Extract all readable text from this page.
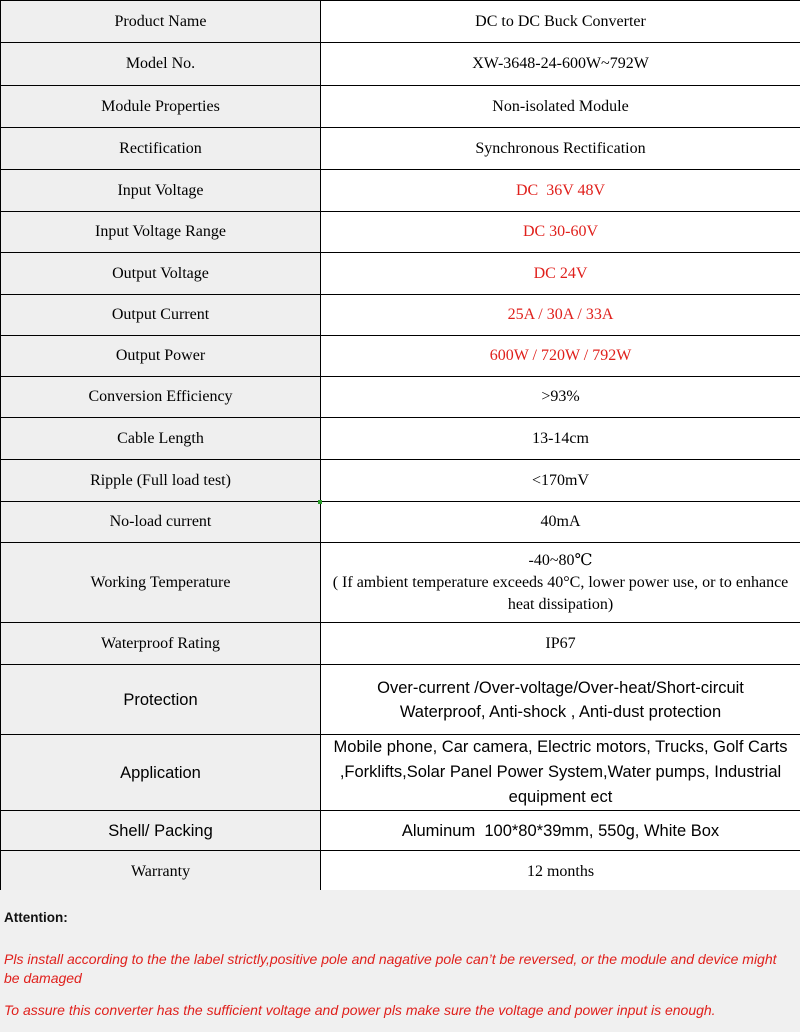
Product Name	DC to DC Buck Converter
Model No.	XW-3648-24-600W~792W
Module Properties	Non-isolated Module
Rectification	Synchronous Rectification
Input Voltage	DC  36V 48V
Input Voltage Range	DC 30-60V
Output Voltage	DC 24V
Output Current	25A / 30A / 33A
Output Power	600W / 720W / 792W
Conversion Efficiency	>93%
Cable Length	13-14cm
Ripple (Full load test)	<170mV
No-load current	40mA
Working Temperature	-40~80℃
( If ambient temperature exceeds 40°C, lower power use, or to enhance heat dissipation)

Waterproof Rating	IP67
Protection	Over-current /Over-voltage/Over-heat/Short-circuit
Waterproof, Anti-shock , Anti-dust protection

Application	Mobile phone, Car camera, Electric motors, Trucks, Golf Carts ,Forklifts,Solar Panel Power System,Water pumps, Industrial equipment ect
Shell/ Packing	Aluminum  100*80*39mm, 550g, White Box
Warranty	12 months
Attention:
Pls install according to the the label strictly,positive pole and nagative pole can’t be reversed, or the module and device might be damaged
To assure this converter has the sufficient voltage and power pls make sure the voltage and power input is enough.
